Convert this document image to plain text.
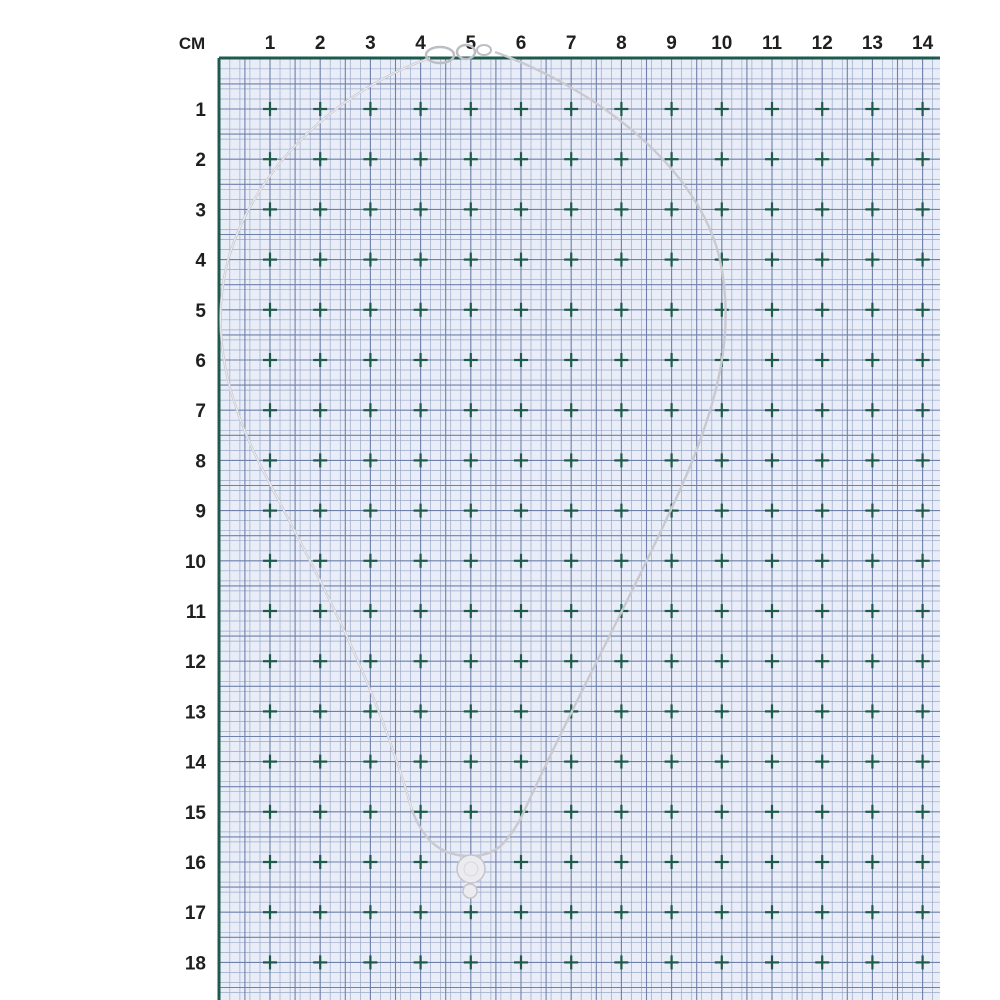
СМ	1 2 3 4 5 6 7 8 9 10 11 12 13 14
1
2
3
4
5
6
7
8
9
10
11
12
13
14
15
16
17
18
